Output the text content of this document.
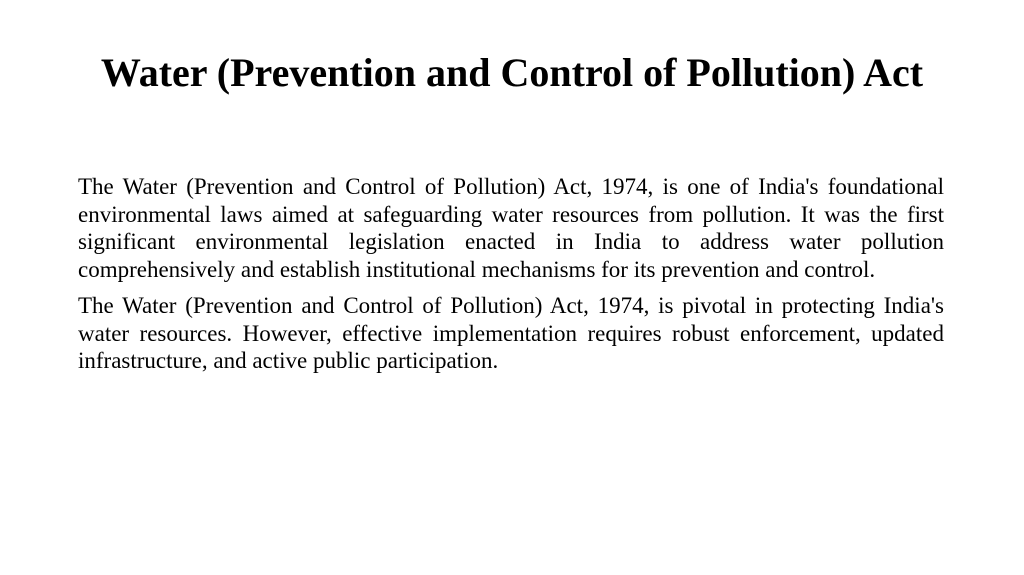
Water (Prevention and Control of Pollution) Act

The Water (Prevention and Control of Pollution) Act, 1974, is one of India's foundational environmental laws aimed at safeguarding water resources from pollution. It was the first significant environmental legislation enacted in India to address water pollution comprehensively and establish institutional mechanisms for its prevention and control.

The Water (Prevention and Control of Pollution) Act, 1974, is pivotal in protecting India's water resources. However, effective implementation requires robust enforcement, updated infrastructure, and active public participation.
